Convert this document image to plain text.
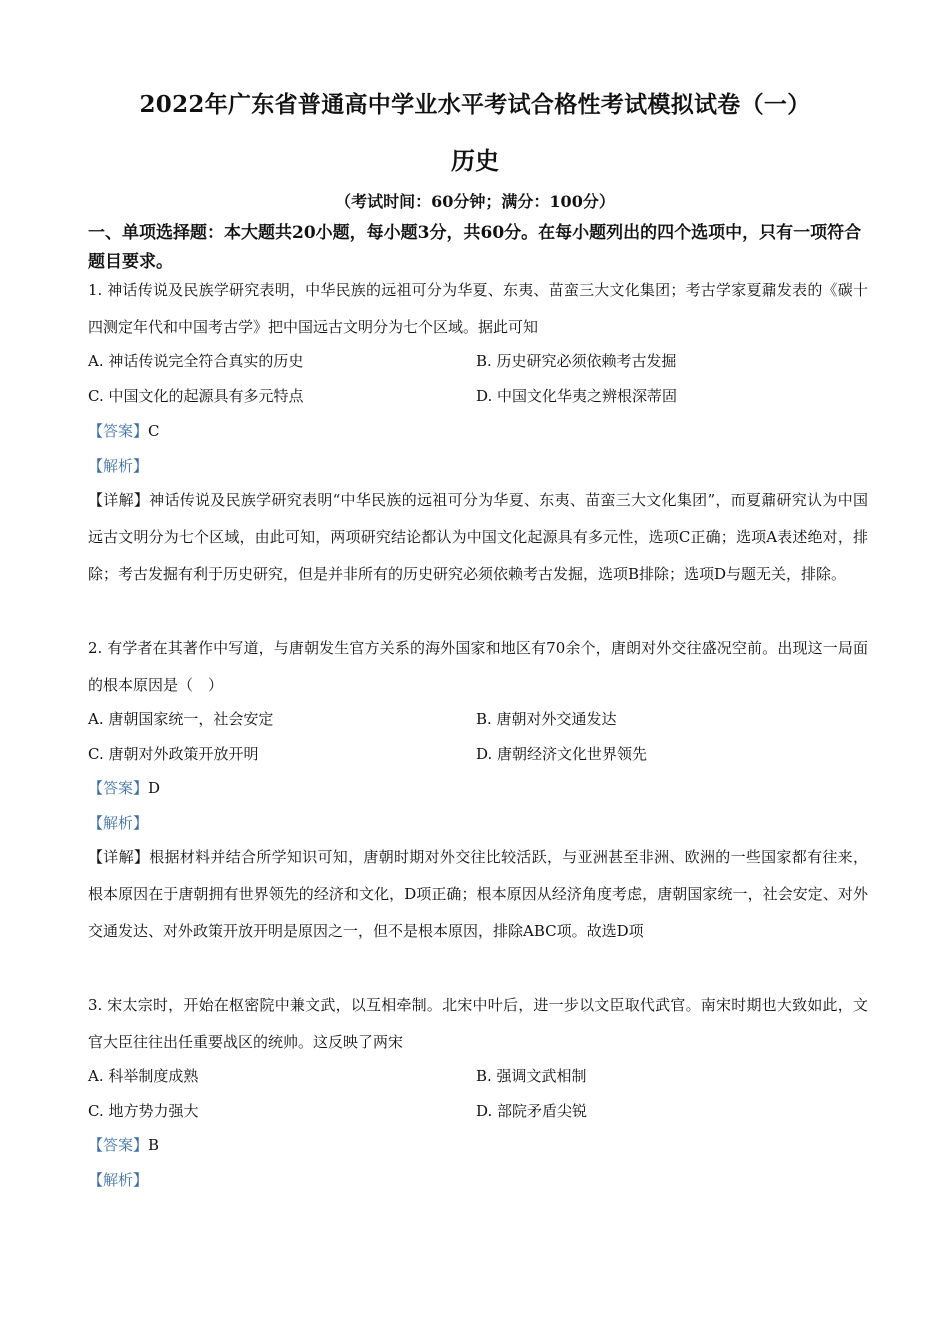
2022年广东省普通高中学业水平考试合格性考试模拟试卷（一）
历史
（考试时间：60分钟；满分：100分）
一、单项选择题：本大题共20小题，每小题3分，共60分。在每小题列出的四个选项中，只有一项符合题目要求。

1. 神话传说及民族学研究表明，中华民族的远祖可分为华夏、东夷、苗蛮三大文化集团；考古学家夏鼐发表的《碳十四测定年代和中国考古学》把中国远古文明分为七个区域。据此可知

A. 神话传说完全符合真实的历史	B. 历史研究必须依赖考古发掘
C. 中国文化的起源具有多元特点	D. 中国文化华夷之辨根深蒂固
【答案】C
【解析】

【详解】神话传说及民族学研究表明“中华民族的远祖可分为华夏、东夷、苗蛮三大文化集团”，而夏鼐研究认为中国远古文明分为七个区域，由此可知，两项研究结论都认为中国文化起源具有多元性，选项C正确；选项A表述绝对，排除；考古发掘有利于历史研究，但是并非所有的历史研究必须依赖考古发掘，选项B排除；选项D与题无关，排除。

2. 有学者在其著作中写道，与唐朝发生官方关系的海外国家和地区有70余个，唐朗对外交往盛况空前。出现这一局面的根本原因是（　）

A. 唐朝国家统一，社会安定	B. 唐朝对外交通发达
C. 唐朝对外政策开放开明	D. 唐朝经济文化世界领先
【答案】D
【解析】

【详解】根据材料并结合所学知识可知，唐朝时期对外交往比较活跃，与亚洲甚至非洲、欧洲的一些国家都有往来，根本原因在于唐朝拥有世界领先的经济和文化，D项正确；根本原因从经济角度考虑，唐朝国家统一，社会安定、对外交通发达、对外政策开放开明是原因之一，但不是根本原因，排除ABC项。故选D项

3. 宋太宗时，开始在枢密院中兼文武，以互相牵制。北宋中叶后，进一步以文臣取代武官。南宋时期也大致如此，文官大臣往往出任重要战区的统帅。这反映了两宋

A. 科举制度成熟	B. 强调文武相制
C. 地方势力强大	D. 部院矛盾尖锐
【答案】B
【解析】
